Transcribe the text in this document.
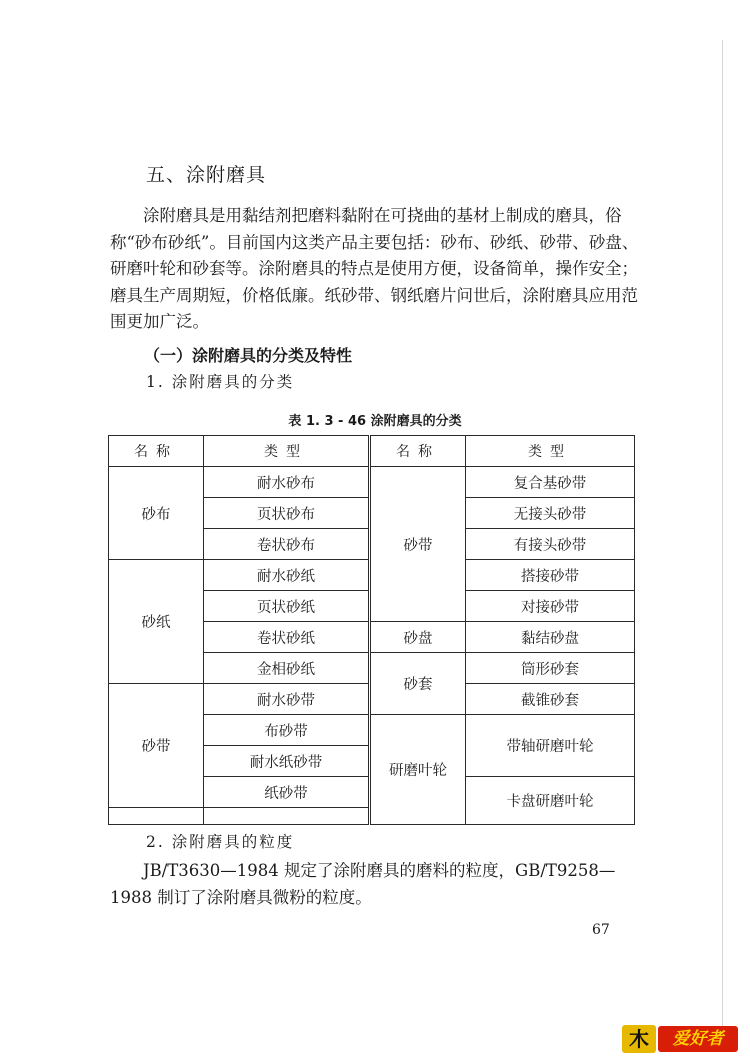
五、涂附磨具

涂附磨具是用黏结剂把磨料黏附在可挠曲的基材上制成的磨具，俗称“砂布砂纸”。目前国内这类产品主要包括：砂布、砂纸、砂带、砂盘、研磨叶轮和砂套等。涂附磨具的特点是使用方便，设备简单，操作安全；磨具生产周期短，价格低廉。纸砂带、钢纸磨片问世后，涂附磨具应用范围更加广泛。

（一）涂附磨具的分类及特性
1. 涂附磨具的分类
表 1. 3 - 46 涂附磨具的分类
名称	类型	名称	类型
砂布	耐水砂布	砂带	复合基砂带
	页状砂布		无接头砂带
	卷状砂布		有接头砂带
砂纸	耐水砂纸		搭接砂带
	页状砂纸		对接砂带
	卷状砂纸	砂盘	黏结砂盘
	金相砂纸	砂套	筒形砂套
砂带	耐水砂带		截锥砂套
	布砂带	研磨叶轮	带轴研磨叶轮
	耐水纸砂带		
	纸砂带		卡盘研磨叶轮

2. 涂附磨具的粒度

JB/T3630—1984 规定了涂附磨具的磨料的粒度，GB/T9258—1988 制订了涂附磨具微粉的粒度。

67
木	爱好者
